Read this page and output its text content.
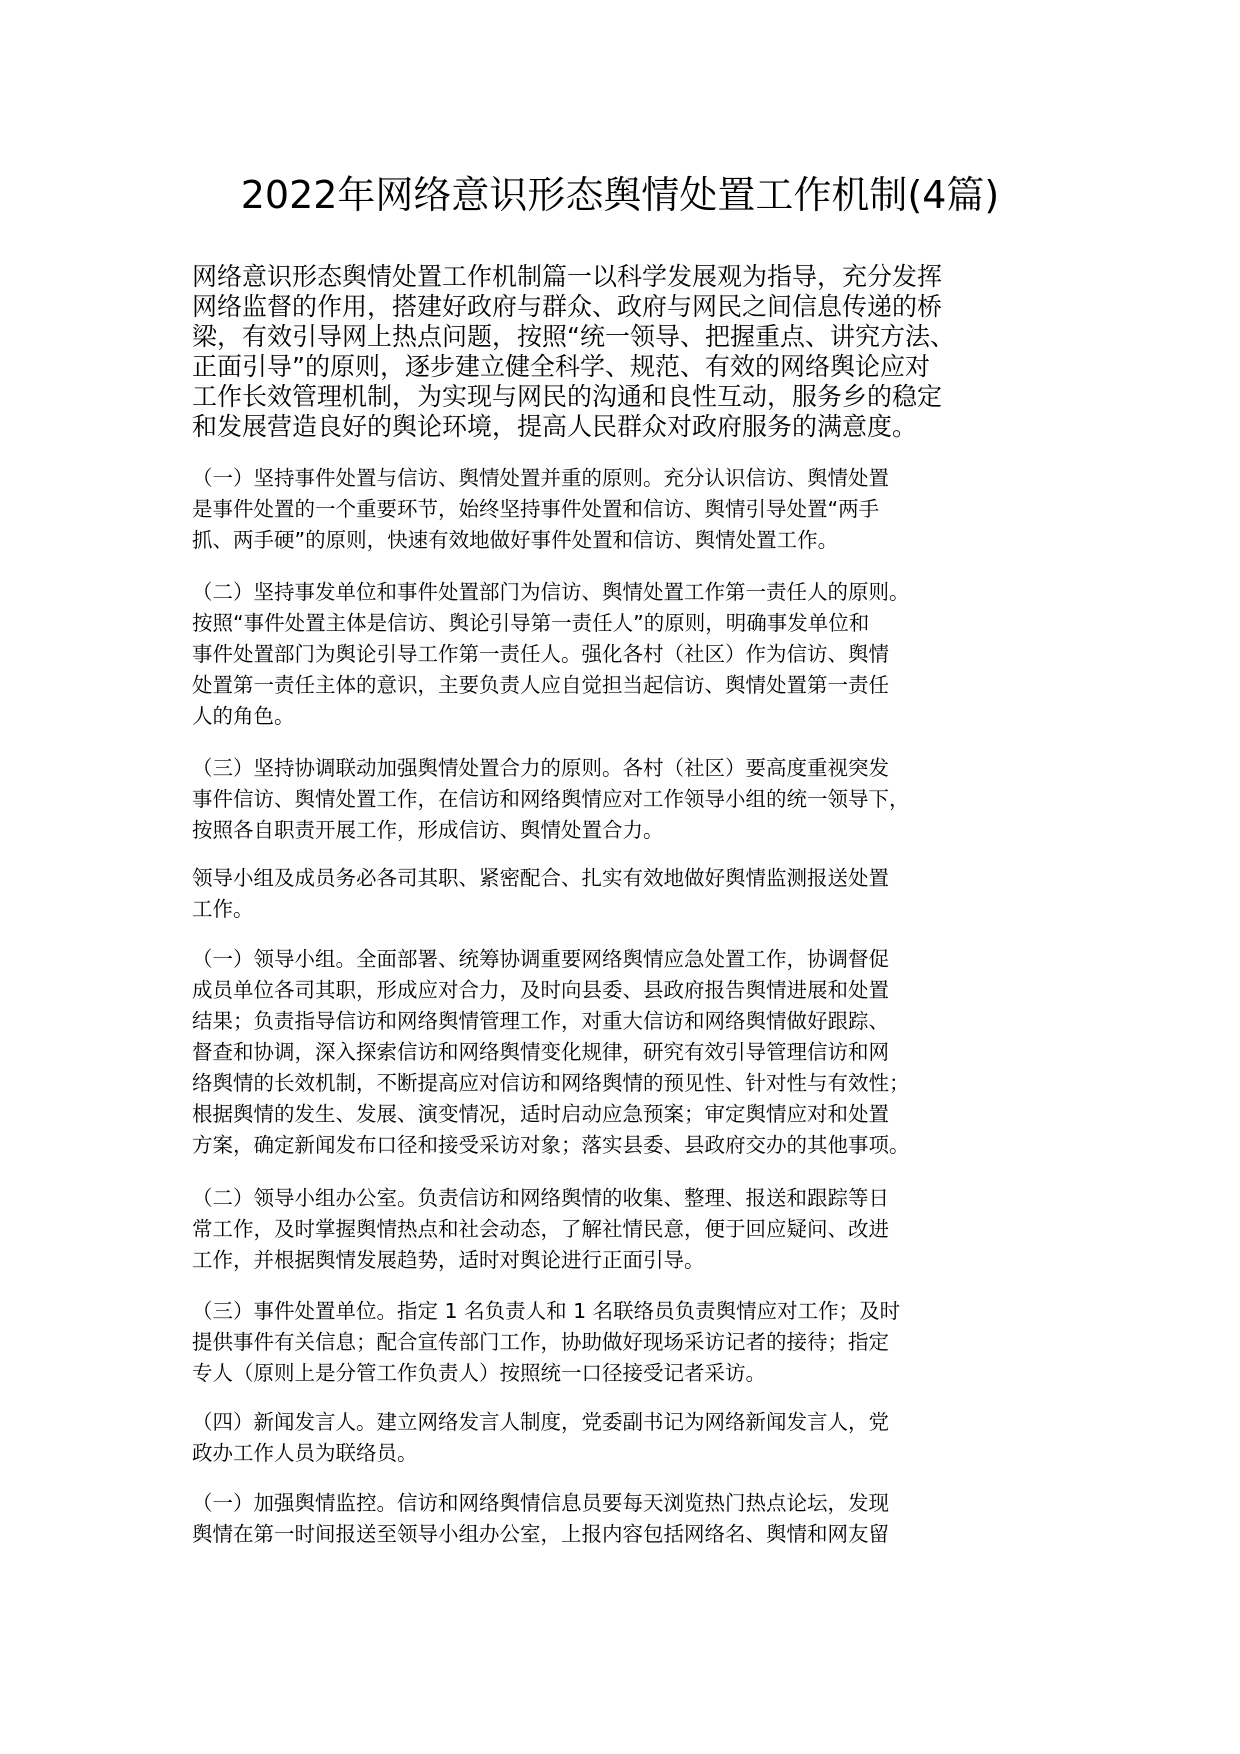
2022年网络意识形态舆情处置工作机制(4篇)

网络意识形态舆情处置工作机制篇一以科学发展观为指导，充分发挥
网络监督的作用，搭建好政府与群众、政府与网民之间信息传递的桥
梁，有效引导网上热点问题，按照“统一领导、把握重点、讲究方法、
正面引导”的原则，逐步建立健全科学、规范、有效的网络舆论应对
工作长效管理机制，为实现与网民的沟通和良性互动，服务乡的稳定
和发展营造良好的舆论环境，提高人民群众对政府服务的满意度。

（一）坚持事件处置与信访、舆情处置并重的原则。充分认识信访、舆情处置
是事件处置的一个重要环节，始终坚持事件处置和信访、舆情引导处置“两手
抓、两手硬”的原则，快速有效地做好事件处置和信访、舆情处置工作。

（二）坚持事发单位和事件处置部门为信访、舆情处置工作第一责任人的原则。
按照“事件处置主体是信访、舆论引导第一责任人”的原则，明确事发单位和
事件处置部门为舆论引导工作第一责任人。强化各村（社区）作为信访、舆情
处置第一责任主体的意识，主要负责人应自觉担当起信访、舆情处置第一责任
人的角色。

（三）坚持协调联动加强舆情处置合力的原则。各村（社区）要高度重视突发
事件信访、舆情处置工作，在信访和网络舆情应对工作领导小组的统一领导下，
按照各自职责开展工作，形成信访、舆情处置合力。

领导小组及成员务必各司其职、紧密配合、扎实有效地做好舆情监测报送处置
工作。

（一）领导小组。全面部署、统筹协调重要网络舆情应急处置工作，协调督促
成员单位各司其职，形成应对合力，及时向县委、县政府报告舆情进展和处置
结果；负责指导信访和网络舆情管理工作，对重大信访和网络舆情做好跟踪、
督查和协调，深入探索信访和网络舆情变化规律，研究有效引导管理信访和网
络舆情的长效机制，不断提高应对信访和网络舆情的预见性、针对性与有效性；
根据舆情的发生、发展、演变情况，适时启动应急预案；审定舆情应对和处置
方案，确定新闻发布口径和接受采访对象；落实县委、县政府交办的其他事项。

（二）领导小组办公室。负责信访和网络舆情的收集、整理、报送和跟踪等日
常工作，及时掌握舆情热点和社会动态，了解社情民意，便于回应疑问、改进
工作，并根据舆情发展趋势，适时对舆论进行正面引导。

（三）事件处置单位。指定 1 名负责人和 1 名联络员负责舆情应对工作；及时
提供事件有关信息；配合宣传部门工作，协助做好现场采访记者的接待；指定
专人（原则上是分管工作负责人）按照统一口径接受记者采访。

（四）新闻发言人。建立网络发言人制度，党委副书记为网络新闻发言人，党
政办工作人员为联络员。

（一）加强舆情监控。信访和网络舆情信息员要每天浏览热门热点论坛，发现
舆情在第一时间报送至领导小组办公室，上报内容包括网络名、舆情和网友留
